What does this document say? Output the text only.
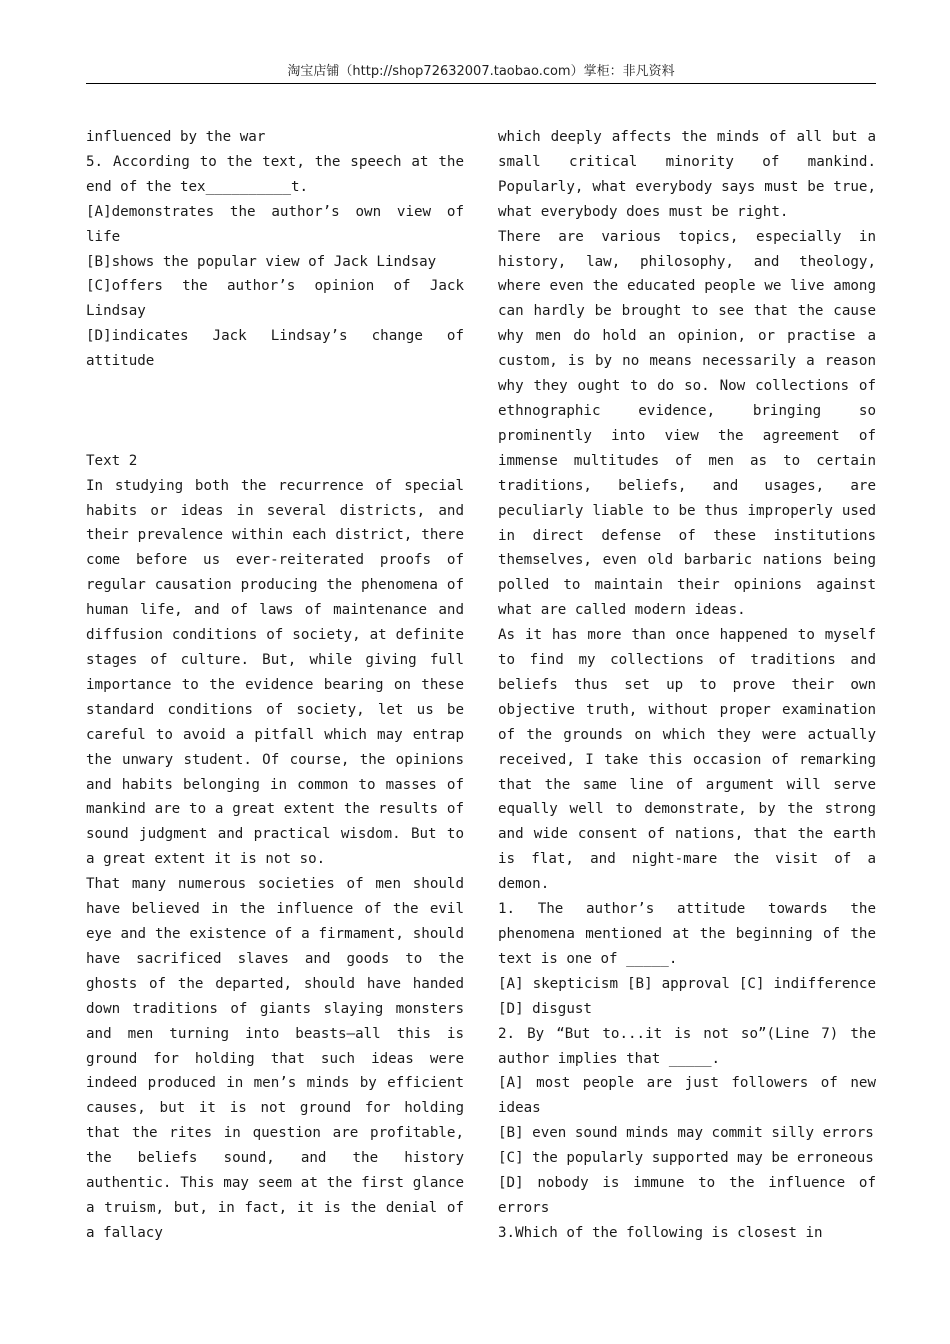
淘宝店铺（http://shop72632007.taobao.com）掌柜：非凡资料

influenced by the war

5. According to the text, the speech at the end of the tex__________t.

[A]demonstrates the author’s own view of life

[B]shows the popular view of Jack Lindsay

[C]offers the author’s opinion of Jack Lindsay

[D]indicates Jack Lindsay’s change of attitude

Text 2

In studying both the recurrence of special habits or ideas in several districts, and their prevalence within each district, there come before us ever-reiterated proofs of regular causation producing the phenomena of human life, and of laws of maintenance and diffusion conditions of society, at definite stages of culture. But, while giving full importance to the evidence bearing on these standard conditions of society, let us be careful to avoid a pitfall which may entrap the unwary student. Of course, the opinions and habits belonging in common to masses of mankind are to a great extent the results of sound judgment and practical wisdom. But to a great extent it is not so.

That many numerous societies of men should have believed in the influence of the evil eye and the existence of a firmament, should have sacrificed slaves and goods to the ghosts of the departed, should have handed down traditions of giants slaying monsters and men turning into beasts—all this is ground for holding that such ideas were indeed produced in men’s minds by efficient causes, but it is not ground for holding that the rites in question are profitable, the beliefs sound, and the history authentic. This may seem at the first glance a truism, but, in fact, it is the denial of a fallacy

which deeply affects the minds of all but a small critical minority of mankind. Popularly, what everybody says must be true, what everybody does must be right.

There are various topics, especially in history, law, philosophy, and theology, where even the educated people we live among can hardly be brought to see that the cause why men do hold an opinion, or practise a custom, is by no means necessarily a reason why they ought to do so. Now collections of ethnographic evidence, bringing so prominently into view the agreement of immense multitudes of men as to certain traditions, beliefs, and usages, are peculiarly liable to be thus improperly used in direct defense of these institutions themselves, even old barbaric nations being polled to maintain their opinions against what are called modern ideas.

As it has more than once happened to myself to find my collections of traditions and beliefs thus set up to prove their own objective truth, without proper examination of the grounds on which they were actually received, I take this occasion of remarking that the same line of argument will serve equally well to demonstrate, by the strong and wide consent of nations, that the earth is flat, and night-mare the visit of a demon.

1. The author’s attitude towards the phenomena mentioned at the beginning of the text is one of _____.

[A] skepticism [B] approval [C] indifference [D] disgust

2. By “But to...it is not so”(Line 7) the author implies that _____.

[A] most people are just followers of new ideas

[B] even sound minds may commit silly errors

[C] the popularly supported may be erroneous

[D] nobody is immune to the influence of errors

3.Which of the following is closest in
